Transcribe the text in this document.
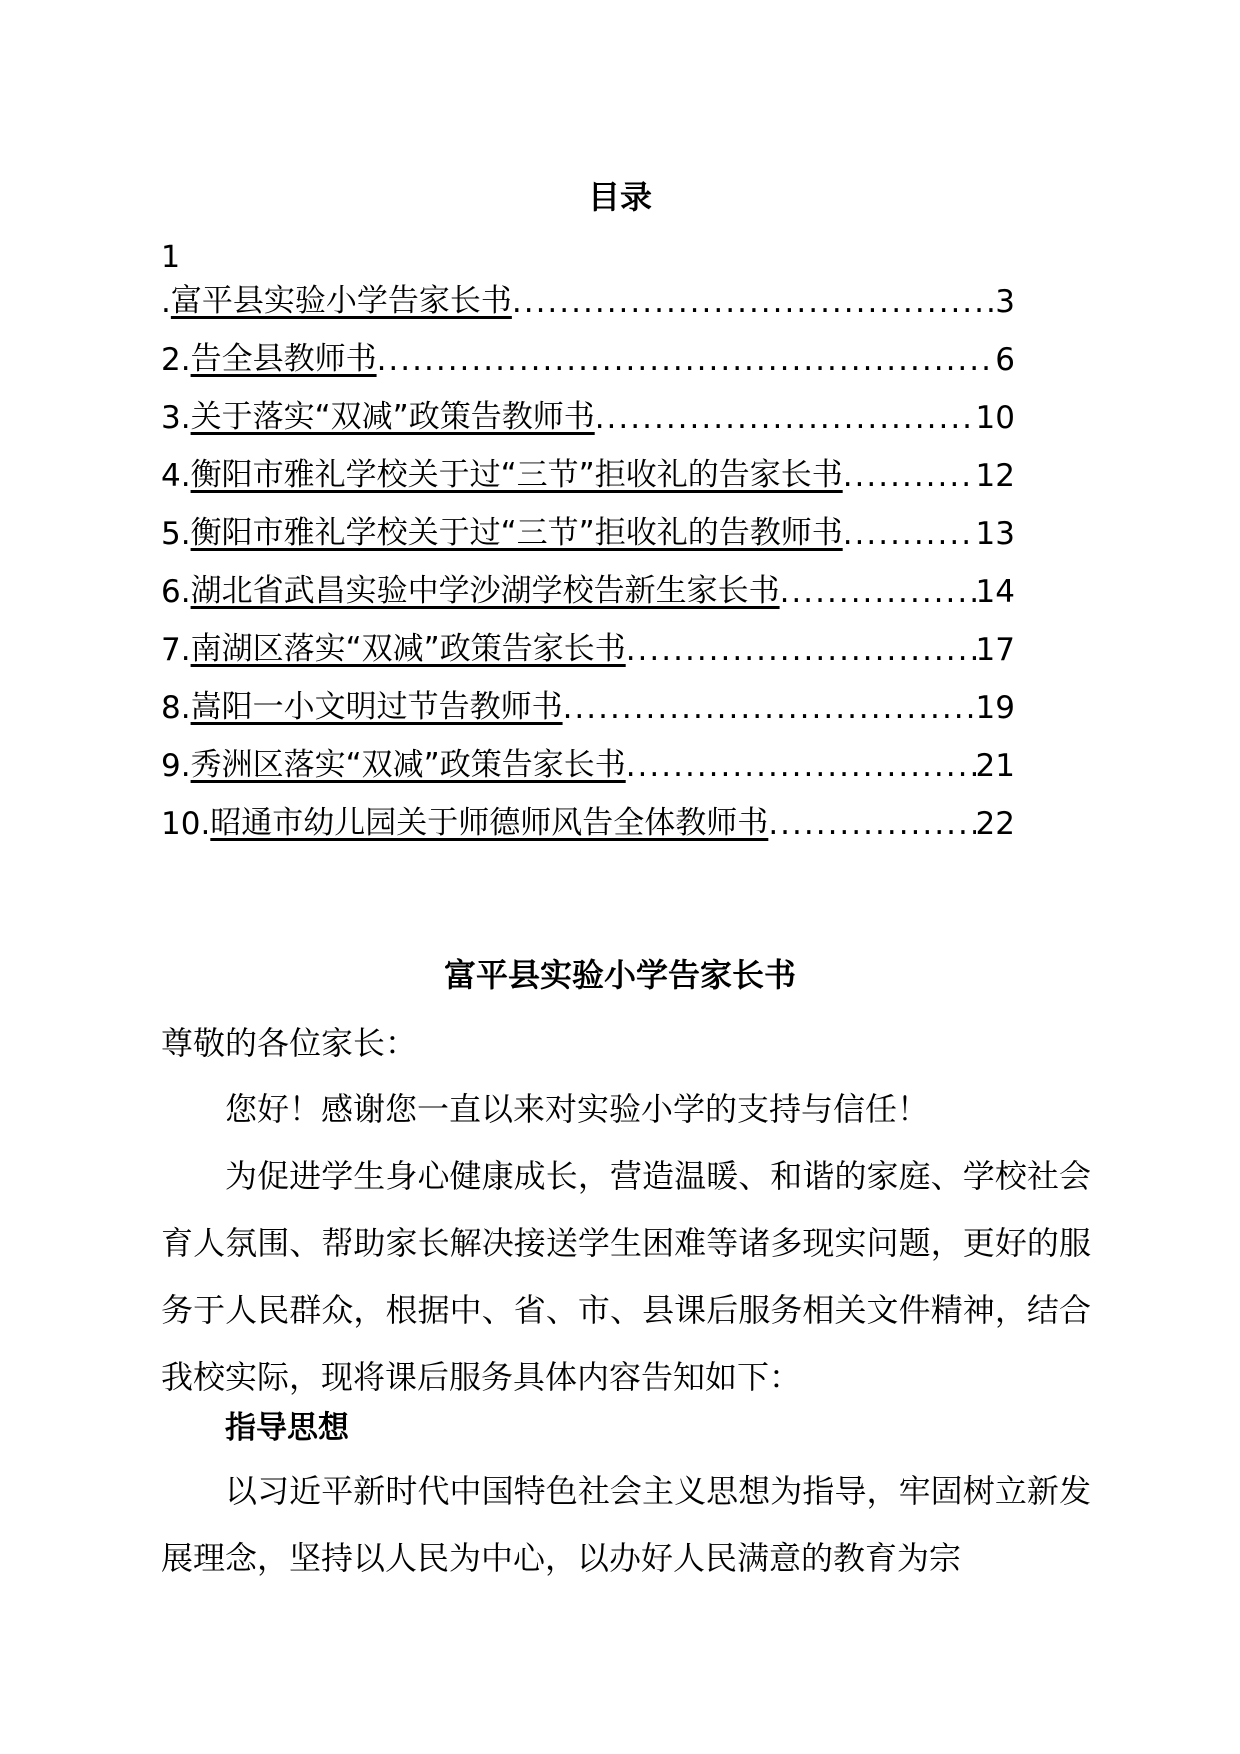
目录
1
. 富平县实验小学告家长书 .....	3
2. 告全县教师书 .....	6
3. 关于落实“双减”政策告教师书 .....	10
4. 衡阳市雅礼学校关于过“三节”拒收礼的告家长书 .....	12
5. 衡阳市雅礼学校关于过“三节”拒收礼的告教师书 .....	13
6. 湖北省武昌实验中学沙湖学校告新生家长书 .....	14
7. 南湖区落实“双减”政策告家长书 .....	17
8. 嵩阳一小文明过节告教师书 .....	19
9. 秀洲区落实“双减”政策告家长书 .....	21
10. 昭通市幼儿园关于师德师风告全体教师书 .....	22
富平县实验小学告家长书
尊敬的各位家长：
您好！感谢您一直以来对实验小学的支持与信任！
为促进学生身心健康成长，营造温暖、和谐的家庭、学校社会育人氛围、帮助家长解决接送学生困难等诸多现实问题，更好的服务于人民群众，根据中、省、市、县课后服务相关文件精神，结合我校实际，现将课后服务具体内容告知如下：
指导思想
以习近平新时代中国特色社会主义思想为指导，牢固树立新发展理念，坚持以人民为中心，以办好人民满意的教育为宗
